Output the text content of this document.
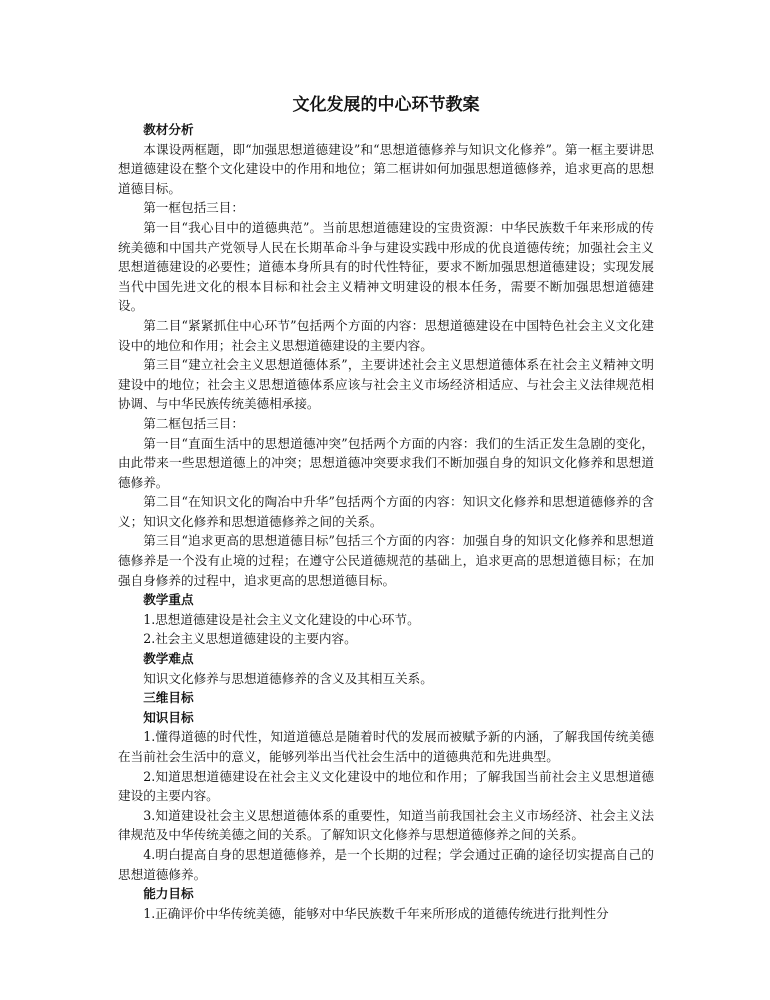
文化发展的中心环节教案
教材分析
本课设两框题，即“加强思想道德建设”和“思想道德修养与知识文化修养”。第一框主要讲思想道德建设在整个文化建设中的作用和地位；第二框讲如何加强思想道德修养，追求更高的思想道德目标。
第一框包括三目：
第一目“我心目中的道德典范”。当前思想道德建设的宝贵资源：中华民族数千年来形成的传统美德和中国共产党领导人民在长期革命斗争与建设实践中形成的优良道德传统；加强社会主义思想道德建设的必要性；道德本身所具有的时代性特征，要求不断加强思想道德建设；实现发展当代中国先进文化的根本目标和社会主义精神文明建设的根本任务，需要不断加强思想道德建设。
第二目“紧紧抓住中心环节”包括两个方面的内容：思想道德建设在中国特色社会主义文化建设中的地位和作用；社会主义思想道德建设的主要内容。
第三目“建立社会主义思想道德体系”，主要讲述社会主义思想道德体系在社会主义精神文明建设中的地位；社会主义思想道德体系应该与社会主义市场经济相适应、与社会主义法律规范相协调、与中华民族传统美德相承接。
第二框包括三目：
第一目“直面生活中的思想道德冲突”包括两个方面的内容：我们的生活正发生急剧的变化，由此带来一些思想道德上的冲突；思想道德冲突要求我们不断加强自身的知识文化修养和思想道德修养。
第二目“在知识文化的陶冶中升华”包括两个方面的内容：知识文化修养和思想道德修养的含义；知识文化修养和思想道德修养之间的关系。
第三目“追求更高的思想道德目标”包括三个方面的内容：加强自身的知识文化修养和思想道德修养是一个没有止境的过程；在遵守公民道德规范的基础上，追求更高的思想道德目标；在加强自身修养的过程中，追求更高的思想道德目标。
教学重点
1.思想道德建设是社会主义文化建设的中心环节。
2.社会主义思想道德建设的主要内容。
教学难点
知识文化修养与思想道德修养的含义及其相互关系。
三维目标
知识目标
1.懂得道德的时代性，知道道德总是随着时代的发展而被赋予新的内涵，了解我国传统美德在当前社会生活中的意义，能够列举出当代社会生活中的道德典范和先进典型。
2.知道思想道德建设在社会主义文化建设中的地位和作用；了解我国当前社会主义思想道德建设的主要内容。
3.知道建设社会主义思想道德体系的重要性，知道当前我国社会主义市场经济、社会主义法律规范及中华传统美德之间的关系。了解知识文化修养与思想道德修养之间的关系。
4.明白提高自身的思想道德修养，是一个长期的过程；学会通过正确的途径切实提高自己的思想道德修养。
能力目标
1.正确评价中华传统美德，能够对中华民族数千年来所形成的道德传统进行批判性分
